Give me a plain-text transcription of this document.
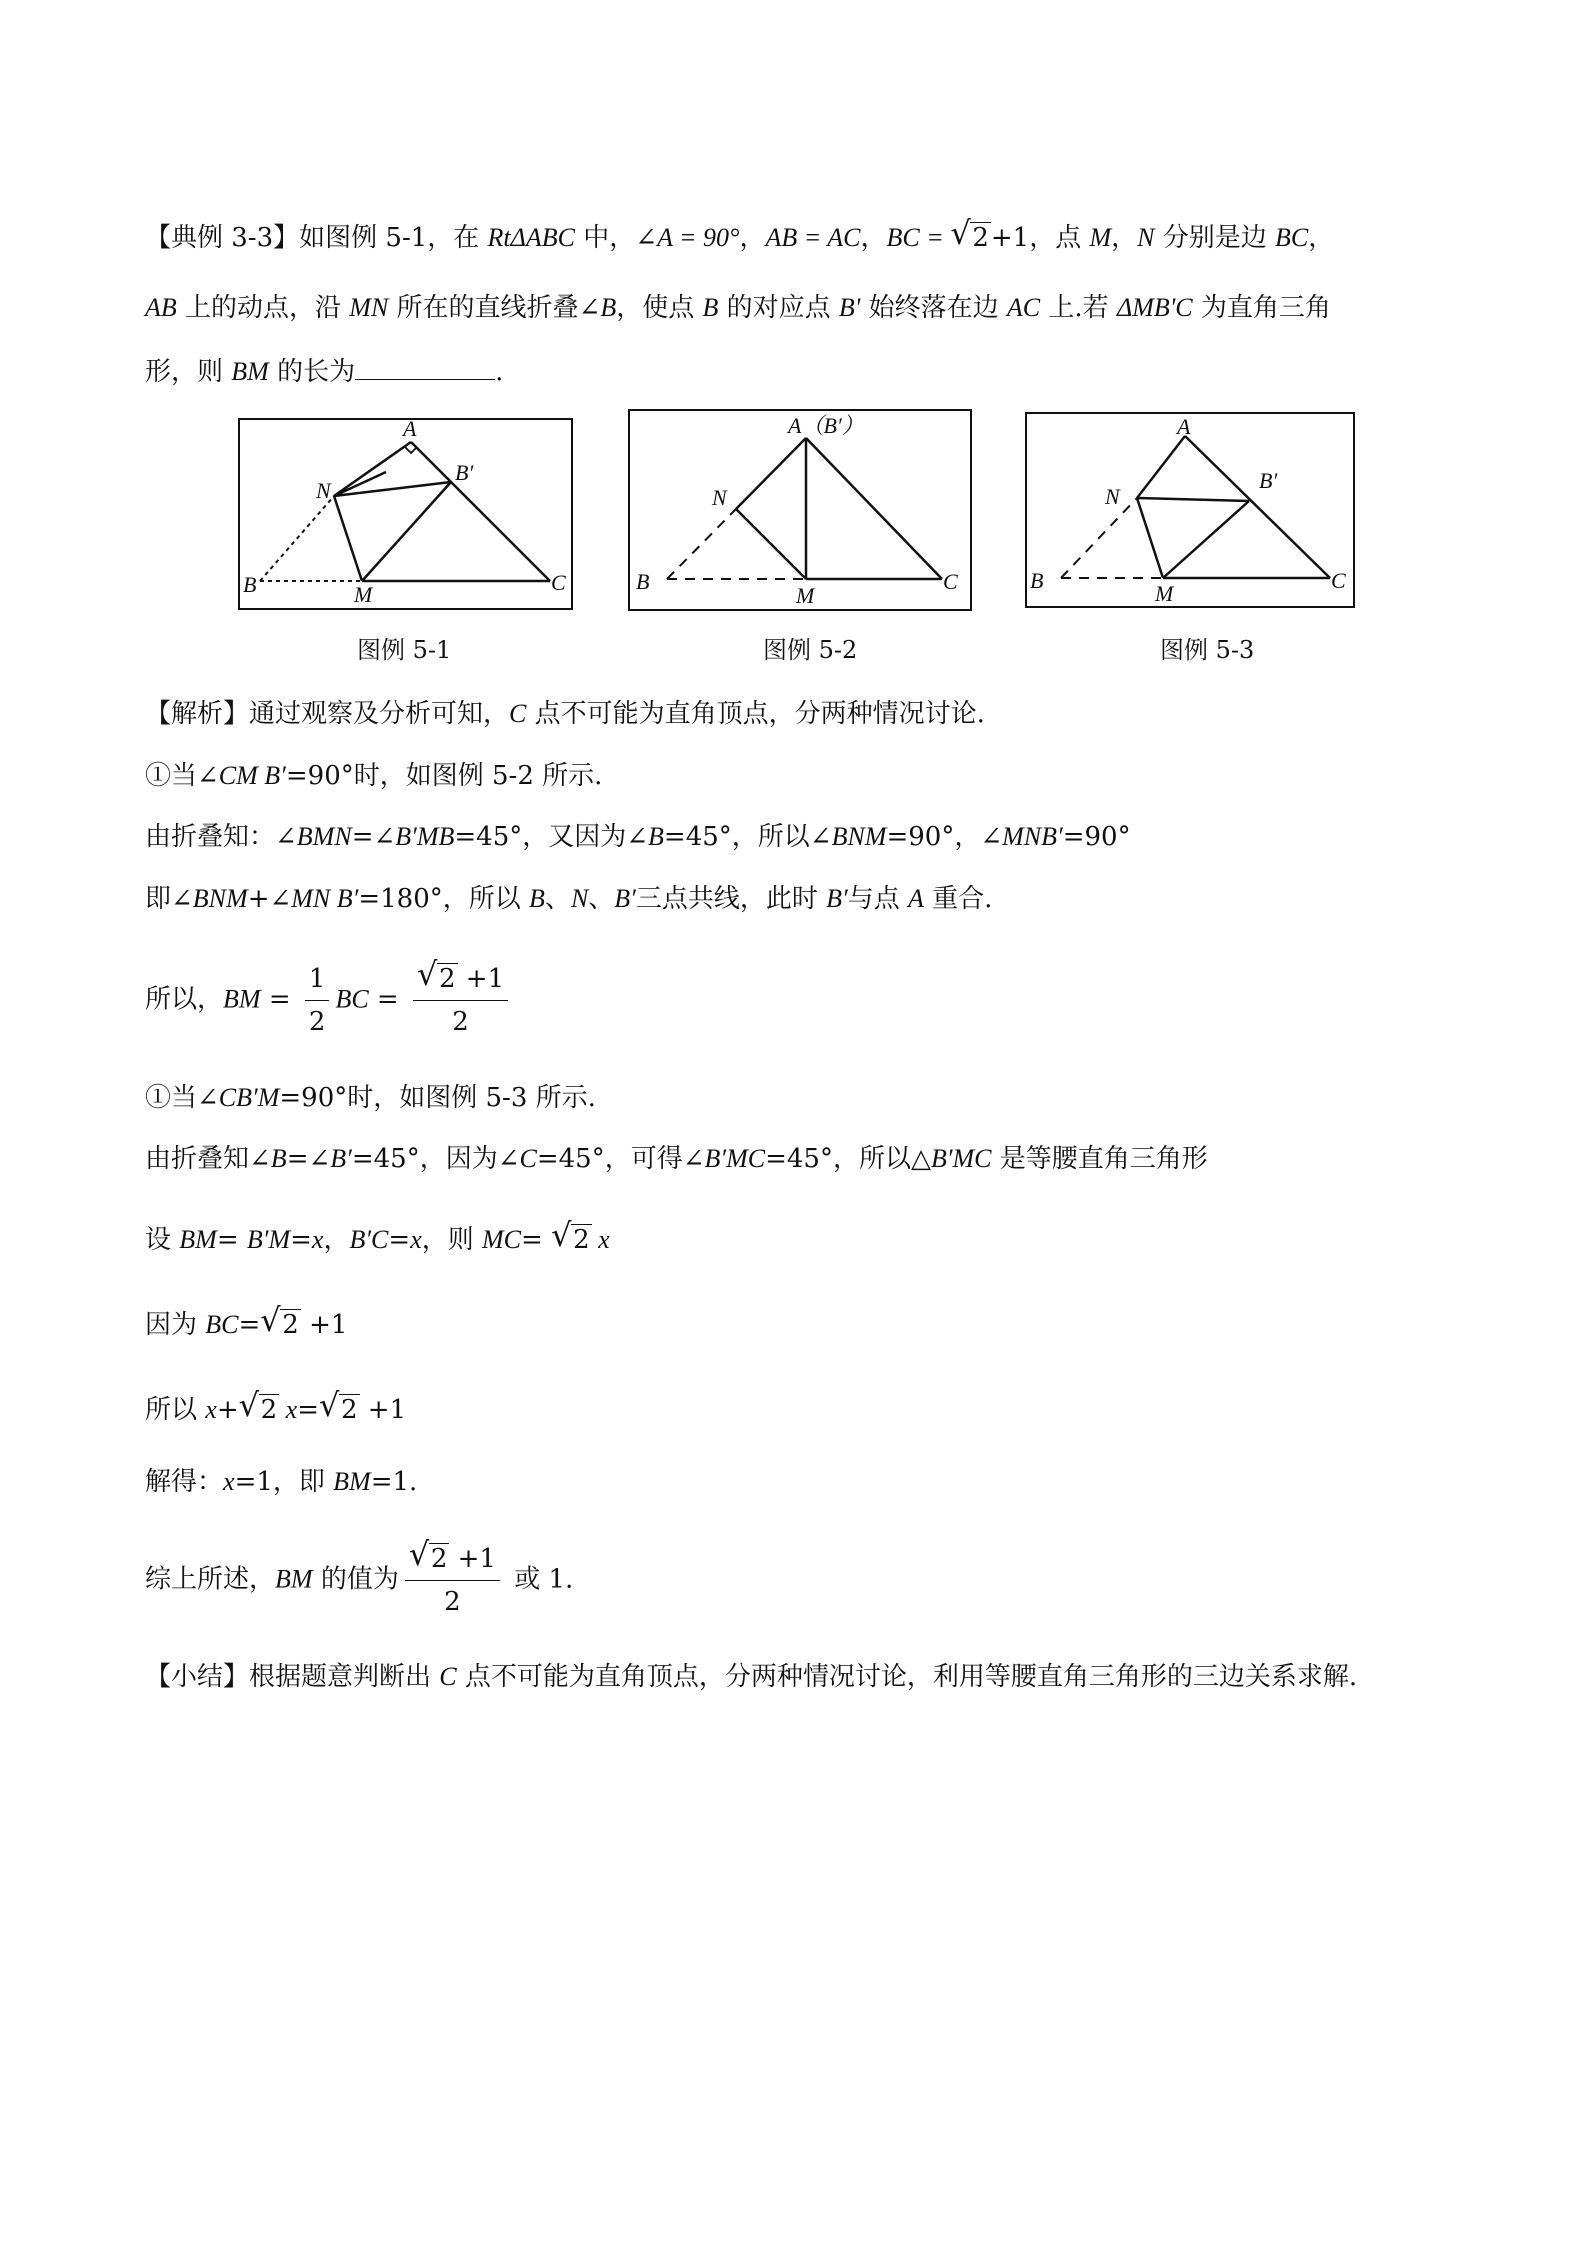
【典例 3-3】如图例 5-1，在 RtΔABC 中，∠A = 90°，AB = AC，BC = √ 2+1，点 M，N 分别是边 BC，
AB 上的动点，沿 MN 所在的直线折叠∠B，使点 B 的对应点 B' 始终落在边 AC 上.若 ΔMB'C 为直角三角
形，则 BM 的长为	.
A
N
B′
B	M	C
图例 5-1
A（B′）
N
B
M
C
图例 5-2
A
N
B′
B
M
C
图例 5-3
【解析】通过观察及分析可知，C 点不可能为直角顶点，分两种情况讨论.
①当∠CM B′=90°时，如图例 5-2 所示.
由折叠知：∠BMN=∠B′MB=45°，又因为∠B=45°，所以∠BNM=90°，∠MNB′=90°
即∠BNM+∠MN B′=180°，所以 B、N、B′三点共线，此时 B′与点 A 重合.
所以，BM = $\frac{1}{2}$ BC = √ $\frac{2 +1}{2}$
①当∠CB′M=90°时，如图例 5-3 所示.
由折叠知∠B=∠B′=45°，因为∠C=45°，可得∠B′MC=45°，所以△B′MC 是等腰直角三角形
设 BM= B′M=x，B′C=x，则 MC= √ 2 x
因为 BC= √ 2 +1
所以 x+ √ 2 x= √ 2 +1
解得：x=1，即 BM=1.
综上所述，BM 的值为 √ $\frac{2 +1}{2}$ 或 1.
【小结】根据题意判断出 C 点不可能为直角顶点，分两种情况讨论，利用等腰直角三角形的三边关系求解.
